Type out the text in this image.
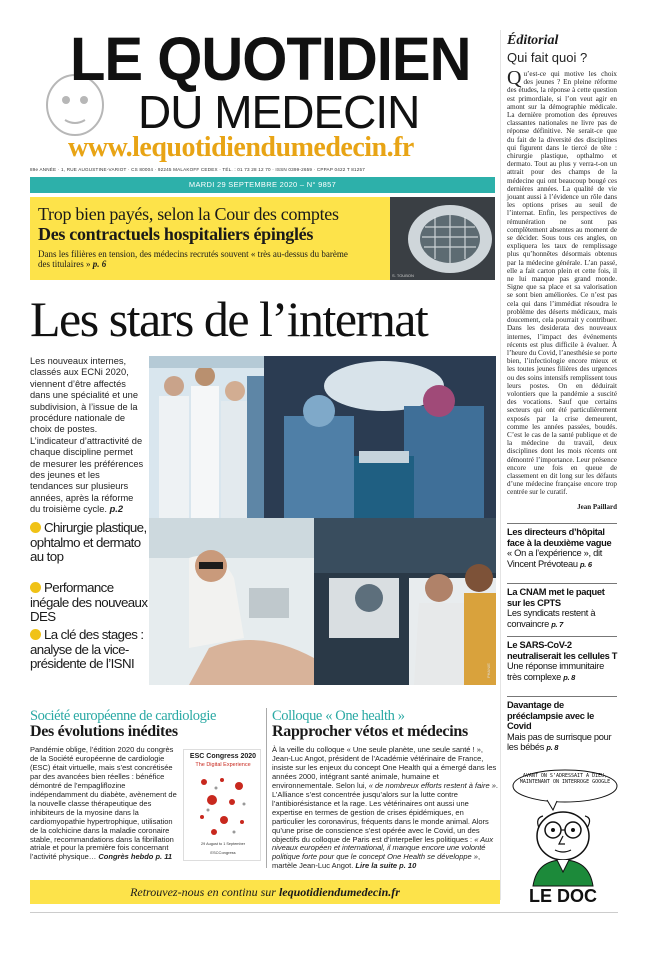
LE QUOTIDIEN
DU MEDECIN
www.lequotidiendumedecin.fr
89e ANNÉE · 1, RUE AUGUSTINE-VARIOT · CS 80004 · 92245 MALAKOFF CEDEX · TÉL. : 01 73 28 12 70 · ISSN 0399-2659 · CPPAP 0422 T 81257
MARDI 29 SEPTEMBRE 2020 – N° 9857
Trop bien payés, selon la Cour des comptes
Des contractuels hospitaliers épinglés
Dans les filières en tension, des médecins recrutés souvent « très au-dessus du barème des titulaires » p. 6
S. TOUBON
Les stars de l’internat
Les nouveaux internes, classés aux ECNi 2020, viennent d’être affectés dans une spécialité et une subdivision, à l’issue de la procédure nationale de choix de postes. L’indicateur d’attractivité de chaque discipline permet de mesurer les préférences des jeunes et les tendances sur plusieurs années, après la réforme du troisième cycle. p.2
Chirurgie plastique, ophtalmo et dermato au top
Performance inégale des nouveaux DES
La clé des stages : analyse de la vice-présidente de l’ISNI	PHANIE
Éditorial
Qui fait quoi ?
Qu’est-ce qui motive les choix des jeunes ? En pleine réforme des études, la réponse à cette question est primordiale, si l’on veut agir en amont sur la démographie médicale. La dernière promotion des épreuves classantes nationales ne livre pas de réponse définitive. Ne serait-ce que du fait de la diversité des disciplines qui figurent dans le tiercé de tête : chirurgie plastique, opthalmo et dermato. Tout au plus y verra-t-on un attrait pour des champs de la médecine qui ont beaucoup bougé ces dernières années. La qualité de vie jouant aussi à l’évidence un rôle dans les options prises au seuil de l’internat. Enfin, les perspectives de rémunération ne sont pas complètement absentes au moment de se décider. Sous tous ces angles, on expliquera les taux de remplissage plus qu’honnêtes désormais obtenus par la médecine générale. L’an passé, elle a fait carton plein et cette fois, il ne lui manque pas grand monde. Signe que sa place et sa valorisation se sont bien améliorées. Ce n’est pas cela qui dans l’immédiat résoudra le problème des déserts médicaux, mais doucement, cela pourrait y contribuer. Dans les desiderata des nouveaux internes, l’impact des événements récents est plus difficile à évaluer. À l’heure du Covid, l’anesthésie se porte bien, l’infectiologie encore mieux et les toutes jeunes filières des urgences ou des soins intensifs remplissent tous leurs postes. On en déduirait volontiers que la pandémie a suscité des vocations. Sauf que certains secteurs qui ont été particulièrement exposés par la crise demeurent, comme les années passées, boudés. C’est le cas de la santé publique et de la médecine du travail, deux disciplines dont les mois récents ont démontré l’importance. Leur présence encore une fois en queue de classement en dit long sur les défauts d’une médecine française encore trop centrée sur le curatif.
Jean Paillard
Les directeurs d’hôpital face à la deuxième vague
« On a l’expérience », dit Vincent Prévoteau p. 6
La CNAM met le paquet sur les CPTS
Les syndicats restent à convaincre p. 7
Le SARS-CoV-2 neutraliserait les cellules T
Une réponse immunitaire très complexe p. 8
Davantage de prééclampsie avec le Covid
Mais pas de surrisque pour les bébés p. 8
Société européenne de cardiologie
Des évolutions inédites
Pandémie oblige, l’édition 2020 du congrès de la Société européenne de cardiologie (ESC) était virtuelle, mais s’est concrétisée par des avancées bien réelles : bénéfice démontré de l’empagliflozine indépendamment du diabète, avènement de la nouvelle classe thérapeutique des inhibiteurs de la myosine dans la cardiomyopathie hypertrophique, utilisation de la colchicine dans la maladie coronaire stable, recommandations dans la fibrillation atriale et pour la première fois concernant l’activité physique… Congrès hebdo p. 11
ESC Congress 2020
The Digital Experience
29 August to 1 September
ESCCongress
Colloque « One health »
Rapprocher vétos et médecins
À la veille du colloque « Une seule planète, une seule santé ! », Jean-Luc Angot, président de l’Académie vétérinaire de France, insiste sur les enjeux du concept One Health qui a émergé dans les années 2000, intégrant santé animale, humaine et environnementale. Selon lui, « de nombreux efforts restent à faire ». L’Alliance s’est concentrée jusqu’alors sur la lutte contre l’antibiorésistance et la rage. Les vétérinaires ont aussi une expertise en termes de gestion de crises épidémiques, en particulier les coronavirus, fréquents dans le monde animal. Alors qu’une prise de conscience s’est opérée avec le Covid, un des objectifs du colloque de Paris est d’interpeller les politiques : « Aux niveaux européen et international, il manque encore une volonté politique forte pour que le concept One Health se développe », martèle Jean-Luc Angot. Lire la suite p. 10
AVANT ON S’ADRESSAIT À DIEU, MAINTENANT ON INTERROGE GOOGLE
LE DOC
Retrouvez-nous en continu sur lequotidiendumedecin.fr
